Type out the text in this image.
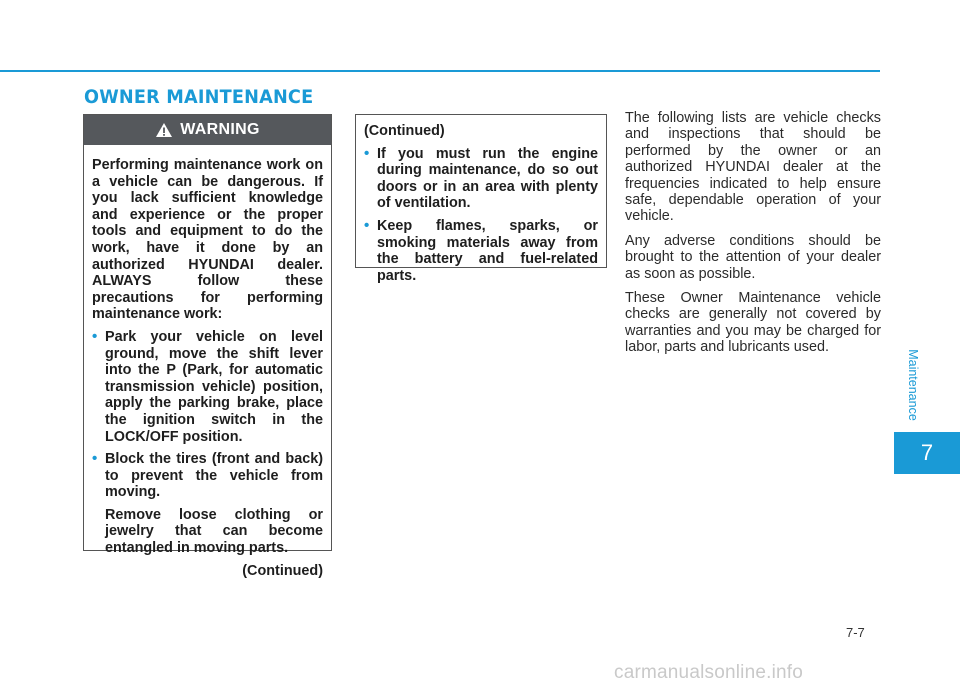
OWNER MAINTENANCE
WARNING

Performing maintenance work on a vehicle can be dangerous. If you lack sufficient knowledge and experience or the proper tools and equipment to do the work, have it done by an authorized HYUNDAI dealer. ALWAYS follow these precautions for performing maintenance work:

• Park your vehicle on level ground, move the shift lever into the P (Park, for automatic transmission vehicle) position, apply the parking brake, place the ignition switch in the LOCK/OFF position.
• Block the tires (front and back) to prevent the vehicle from moving.
Remove loose clothing or jewelry that can become entangled in moving parts.
(Continued)

(Continued)

• If you must run the engine during maintenance, do so out doors or in an area with plenty of ventilation.
• Keep flames, sparks, or smoking materials away from the battery and fuel-related parts.

The following lists are vehicle checks and inspections that should be performed by the owner or an authorized HYUNDAI dealer at the frequencies indicated to help ensure safe, dependable operation of your vehicle.

Any adverse conditions should be brought to the attention of your dealer as soon as possible.

These Owner Maintenance vehicle checks are generally not covered by warranties and you may be charged for labor, parts and lubricants used.

Maintenance
7
7-7
carmanualsonline.info
